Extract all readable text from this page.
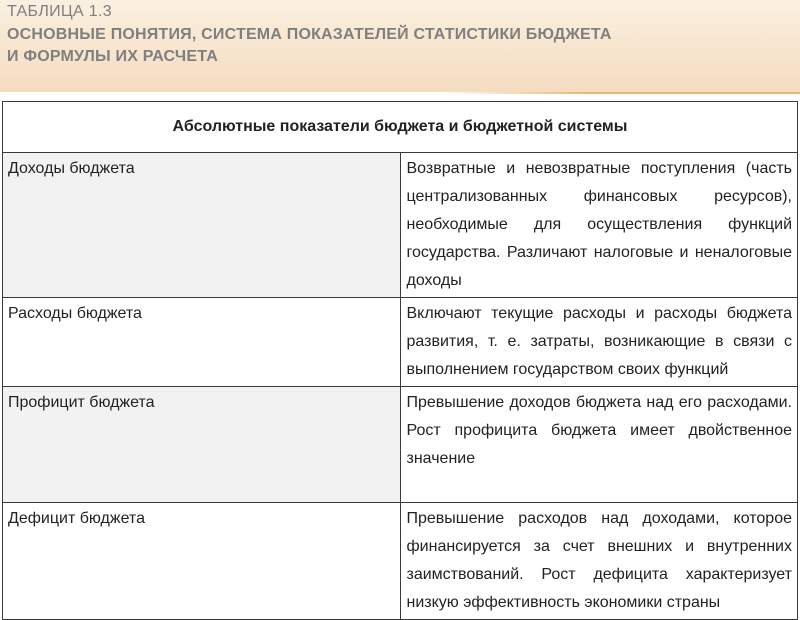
ТАБЛИЦА 1.3
ОСНОВНЫЕ ПОНЯТИЯ, СИСТЕМА ПОКАЗАТЕЛЕЙ СТАТИСТИКИ БЮДЖЕТА
И ФОРМУЛЫ ИХ РАСЧЕТА
Абсолютные показатели бюджета и бюджетной системы	
Доходы бюджета	Возвратные и невозвратные поступления (часть централизованных финансовых ресурсов), необходимые для осуществления функций государства. Различают налоговые и неналоговые доходы
Расходы бюджета	Включают текущие расходы и расходы бюджета развития, т. е. затраты, возникающие в связи с выполнением государством своих функций
Профицит бюджета	Превышение доходов бюджета над его расходами. Рост профицита бюджета имеет двойственное значение
Дефицит бюджета	Превышение расходов над доходами, которое финансируется за счет внешних и внутренних заимствований. Рост дефицита характеризует низкую эффективность экономики страны
